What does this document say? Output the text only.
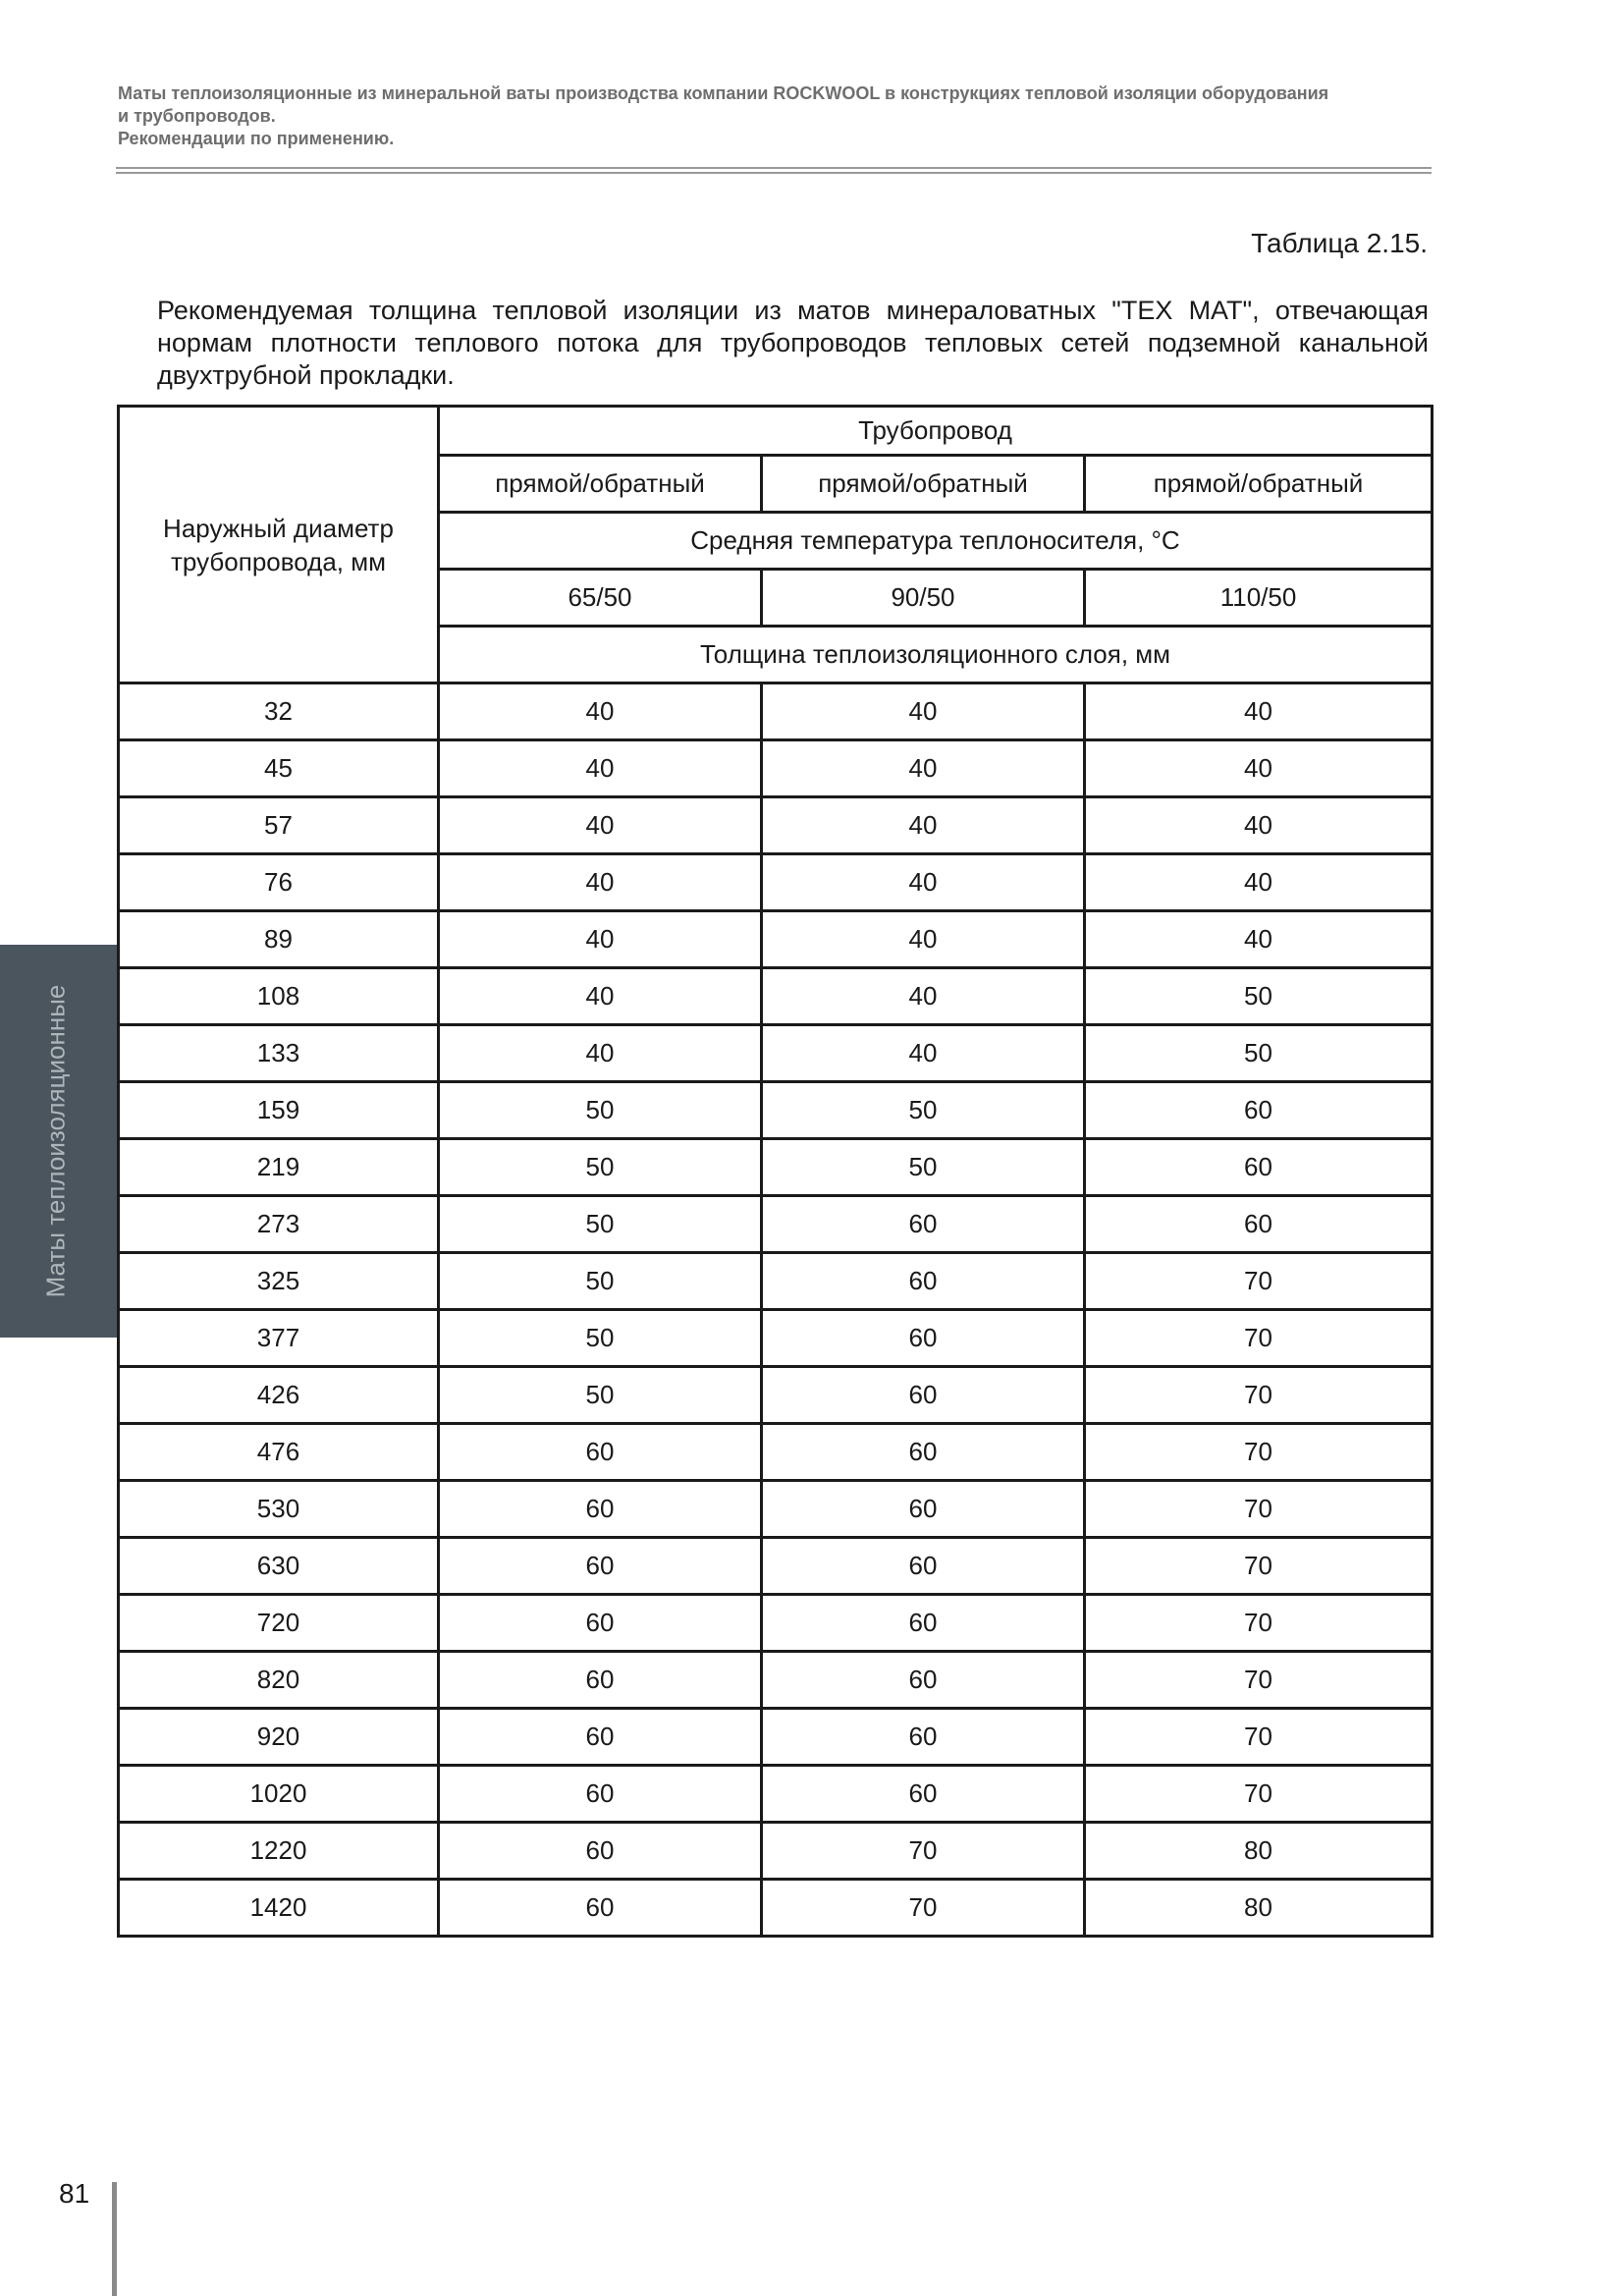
Маты теплоизоляционные из минеральной ваты производства компании ROCKWOOL в конструкциях тепловой изоляции оборудования
и трубопроводов.
Рекомендации по применению.
Таблица 2.15.
Рекомендуемая толщина тепловой изоляции из матов минераловатных "TEX MAT", отвечающая нормам плотности теплового потока для трубопроводов тепловых сетей подземной канальной двухтрубной прокладки.
Маты теплоизоляционные
Наружный диаметр трубопровода, мм	Трубопровод		
	прямой/обратный	прямой/обратный	прямой/обратный
	Средняя температура теплоносителя, °С		
	65/50	90/50	110/50
	Толщина теплоизоляционного слоя, мм		
32	40	40	40
45	40	40	40
57	40	40	40
76	40	40	40
89	40	40	40
108	40	40	50
133	40	40	50
159	50	50	60
219	50	50	60
273	50	60	60
325	50	60	70
377	50	60	70
426	50	60	70
476	60	60	70
530	60	60	70
630	60	60	70
720	60	60	70
820	60	60	70
920	60	60	70
1020	60	60	70
1220	60	70	80
1420	60	70	80
81
